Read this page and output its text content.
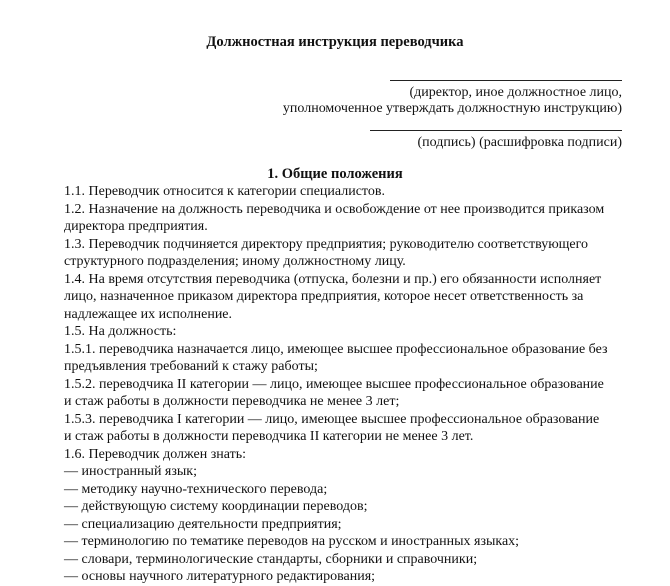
Должностная инструкция переводчика
(директор, иное должностное лицо,
уполномоченное утверждать должностную инструкцию)
(подпись) (расшифровка подписи)
1. Общие положения

1.1. Переводчик относится к категории специалистов.

1.2. Назначение на должность переводчика и освобождение от нее производится приказом
директора предприятия.

1.3. Переводчик подчиняется директору предприятия; руководителю соответствующего
структурного подразделения; иному должностному лицу.

1.4. На время отсутствия переводчика (отпуска, болезни и пр.) его обязанности исполняет
лицо, назначенное приказом директора предприятия, которое несет ответственность за
надлежащее их исполнение.

1.5. На должность:

1.5.1. переводчика назначается лицо, имеющее высшее профессиональное образование без
предъявления требований к стажу работы;

1.5.2. переводчика II категории — лицо, имеющее высшее профессиональное образование
и стаж работы в должности переводчика не менее 3 лет;

1.5.3. переводчика I категории — лицо, имеющее высшее профессиональное образование
и стаж работы в должности переводчика II категории не менее 3 лет.

1.6. Переводчик должен знать:

— иностранный язык;

— методику научно-технического перевода;

— действующую систему координации переводов;

— специализацию деятельности предприятия;

— терминологию по тематике переводов на русском и иностранных языках;

— словари, терминологические стандарты, сборники и справочники;

— основы научного литературного редактирования;
